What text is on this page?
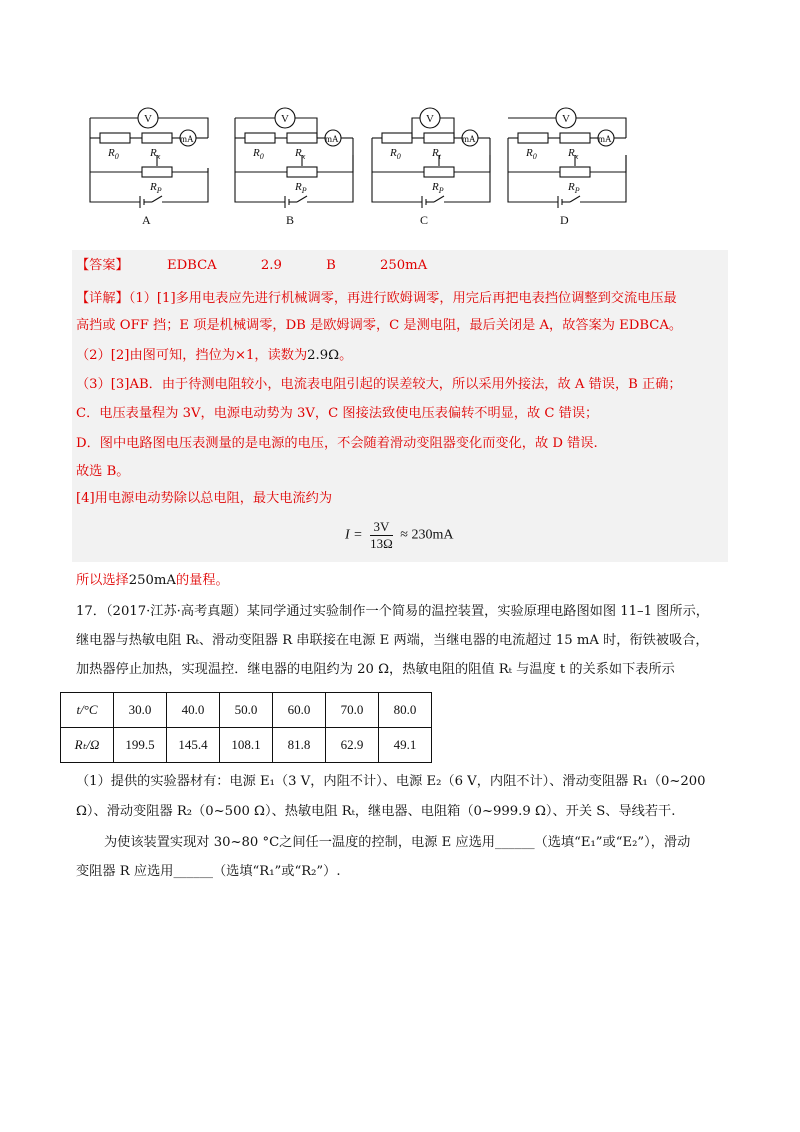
V	V	V	V
mA	mA	mA	mA
$R_0$	$R_x$
$R_P$
$R_0$	$R_x$
$R_P$
$R_0$	$R_t$
$R_P$
$R_0$	$R_x$
$R_P$
A	B	C	D
【答案】	EDBCA	2.9	B	250mA
【详解】（1）[1]多用电表应先进行机械调零，再进行欧姆调零，用完后再把电表挡位调整到交流电压最
高挡或 OFF 挡；E 项是机械调零，DB 是欧姆调零，C 是测电阻，最后关闭是 A，故答案为 EDBCA。
（2）[2]由图可知，挡位为×1，读数为2.9Ω。
（3）[3]AB．由于待测电阻较小，电流表电阻引起的误差较大，所以采用外接法，故 A 错误，B 正确；
C．电压表量程为 3V，电源电动势为 3V，C 图接法致使电压表偏转不明显，故 C 错误；
D．图中电路图电压表测量的是电源的电压，不会随着滑动变阻器变化而变化，故 D 错误.
故选 B。
[4]用电源电动势除以总电阻，最大电流约为
$I = \frac{3V}{13\Omega} \approx 230mA$
所以选择250mA的量程。
17．（2017·江苏·高考真题）某同学通过实验制作一个简易的温控装置，实验原理电路图如图 11–1 图所示，
继电器与热敏电阻 Rₜ、滑动变阻器 R 串联接在电源 E 两端，当继电器的电流超过 15 mA 时，衔铁被吸合，
加热器停止加热，实现温控．继电器的电阻约为 20 Ω，热敏电阻的阻值 Rₜ 与温度 t 的关系如下表所示
t/°C	30.0	40.0	50.0	60.0	70.0	80.0
Rₜ/Ω	199.5	145.4	108.1	81.8	62.9	49.1
（1）提供的实验器材有：电源 E₁（3 V，内阻不计）、电源 E₂（6 V，内阻不计）、滑动变阻器 R₁（0~200
Ω）、滑动变阻器 R₂（0~500 Ω）、热敏电阻 Rₜ，继电器、电阻箱（0~999.9 Ω）、开关 S、导线若干.
为使该装置实现对 30~80 °C之间任一温度的控制，电源 E 应选用______（选填“E₁”或“E₂”），滑动
变阻器 R 应选用______（选填“R₁”或“R₂”）.
